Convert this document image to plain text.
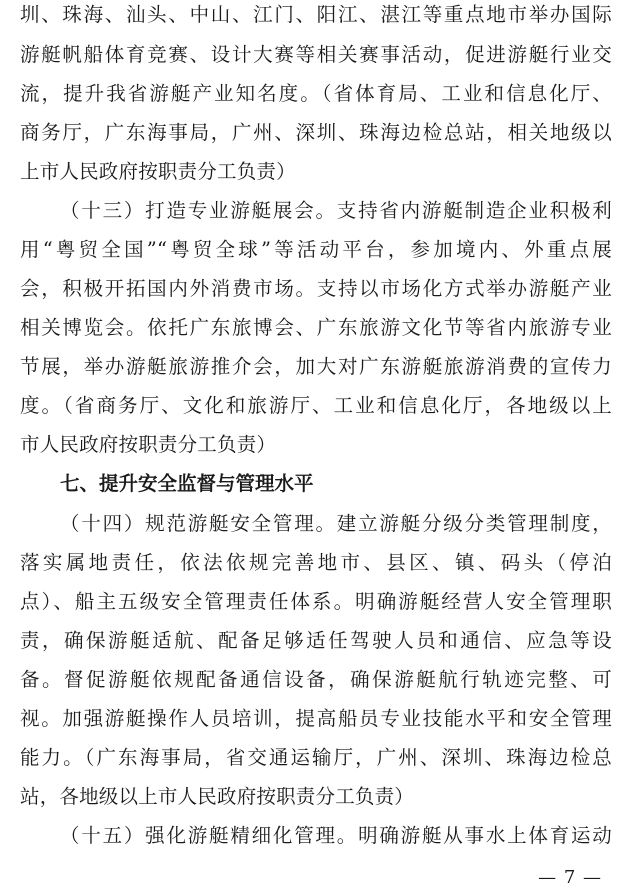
圳、珠海、汕头、中山、江门、阳江、湛江等重点地市举办国际
游艇帆船体育竞赛、设计大赛等相关赛事活动，促进游艇行业交
流，提升我省游艇产业知名度。（省体育局、工业和信息化厅、
商务厅，广东海事局，广州、深圳、珠海边检总站，相关地级以
上市人民政府按职责分工负责）
（十三）打造专业游艇展会。支持省内游艇制造企业积极利
用“粤贸全国”“粤贸全球”等活动平台，参加境内、外重点展
会，积极开拓国内外消费市场。支持以市场化方式举办游艇产业
相关博览会。依托广东旅博会、广东旅游文化节等省内旅游专业
节展，举办游艇旅游推介会，加大对广东游艇旅游消费的宣传力
度。（省商务厅、文化和旅游厅、工业和信息化厅，各地级以上
市人民政府按职责分工负责）
七、提升安全监督与管理水平
（十四）规范游艇安全管理。建立游艇分级分类管理制度，
落实属地责任，依法依规完善地市、县区、镇、码头（停泊
点）、船主五级安全管理责任体系。明确游艇经营人安全管理职
责，确保游艇适航、配备足够适任驾驶人员和通信、应急等设
备。督促游艇依规配备通信设备，确保游艇航行轨迹完整、可
视。加强游艇操作人员培训，提高船员专业技能水平和安全管理
能力。（广东海事局，省交通运输厅，广州、深圳、珠海边检总
站，各地级以上市人民政府按职责分工负责）
（十五）强化游艇精细化管理。明确游艇从事水上体育运动
— 7 —
